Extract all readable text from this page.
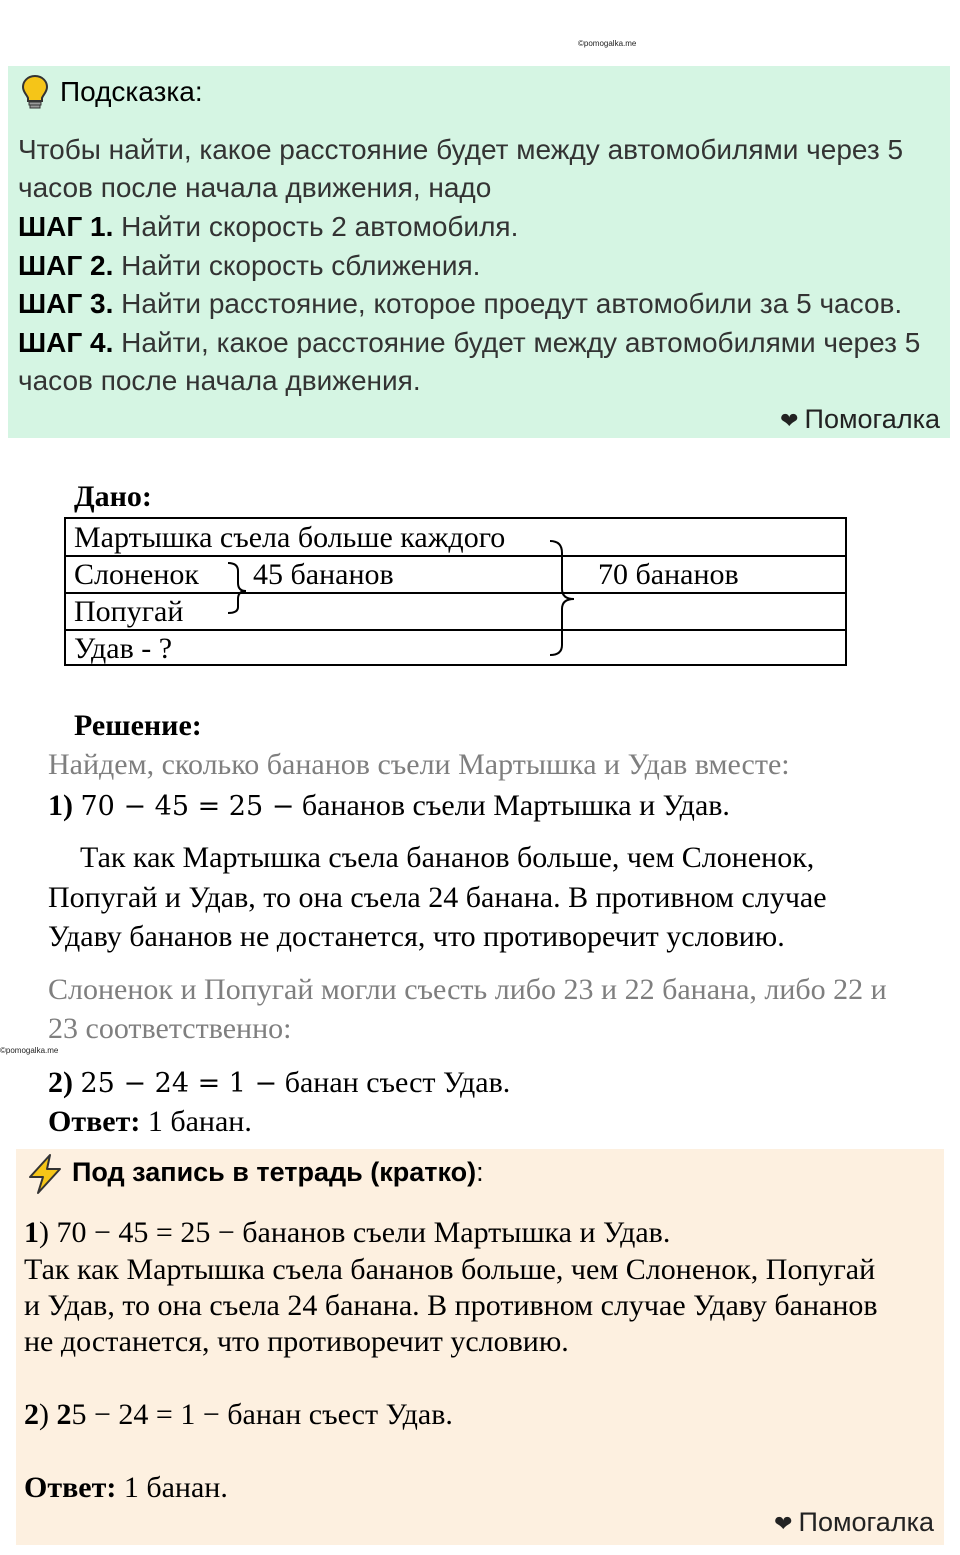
©pomogalka.me
©pomogalka.me
Подсказка:
Чтобы найти, какое расстояние будет между автомобилями через 5
часов после начала движения, надо
ШАГ 1. Найти скорость 2 автомобиля.
ШАГ 2. Найти скорость сближения.
ШАГ 3. Найти расстояние, которое проедут автомобили за 5 часов.
ШАГ 4. Найти, какое расстояние будет между автомобилями через 5
часов после начала движения.
❤ Помогалка
Дано:
Мартышка съела больше каждого
Слоненок 45 бананов	70 бананов
Попугай
Удав - ?
Решение:
Найдем, сколько бананов съели Мартышка и Удав вместе:
1) 70 − 45 = 25 − бананов съели Мартышка и Удав.
Так как Мартышка съела бананов больше, чем Слоненок,
Попугай и Удав, то она съела 24 банана. В противном случае
Удаву бананов не достанется, что противоречит условию.
Слоненок и Попугай могли съесть либо 23 и 22 банана, либо 22 и
23 соответственно:
2) 25 − 24 = 1 − банан съест Удав.
Ответ: 1 банан.
Под запись в тетрадь (кратко):
1) 70 − 45 = 25 − бананов съели Мартышка и Удав.
Так как Мартышка съела бананов больше, чем Слоненок, Попугай
и Удав, то она съела 24 банана. В противном случае Удаву бананов
не достанется, что противоречит условию.
2) 25 − 24 = 1 − банан съест Удав.
Ответ: 1 банан.
❤ Помогалка
